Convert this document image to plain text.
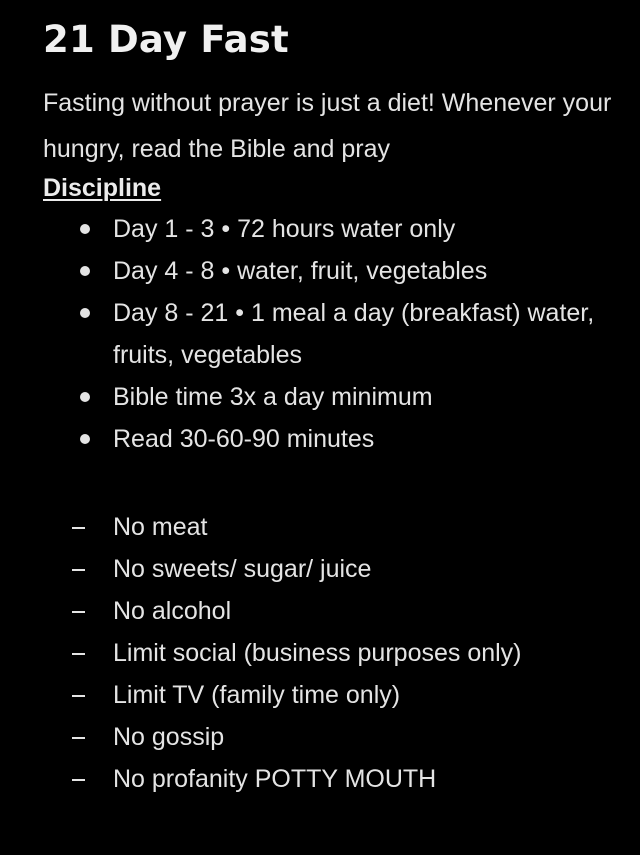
21 Day Fast

Fasting without prayer is just a diet! Whenever your hungry, read the Bible and pray

Discipline
Day 1 - 3 • 72 hours water only
Day 4 - 8 • water, fruit, vegetables
Day 8 - 21 • 1 meal a day (breakfast) water, fruits, vegetables
Bible time 3x a day minimum
Read 30-60-90 minutes
No meat
No sweets/ sugar/ juice
No alcohol
Limit social (business purposes only)
Limit TV (family time only)
No gossip
No profanity POTTY MOUTH
